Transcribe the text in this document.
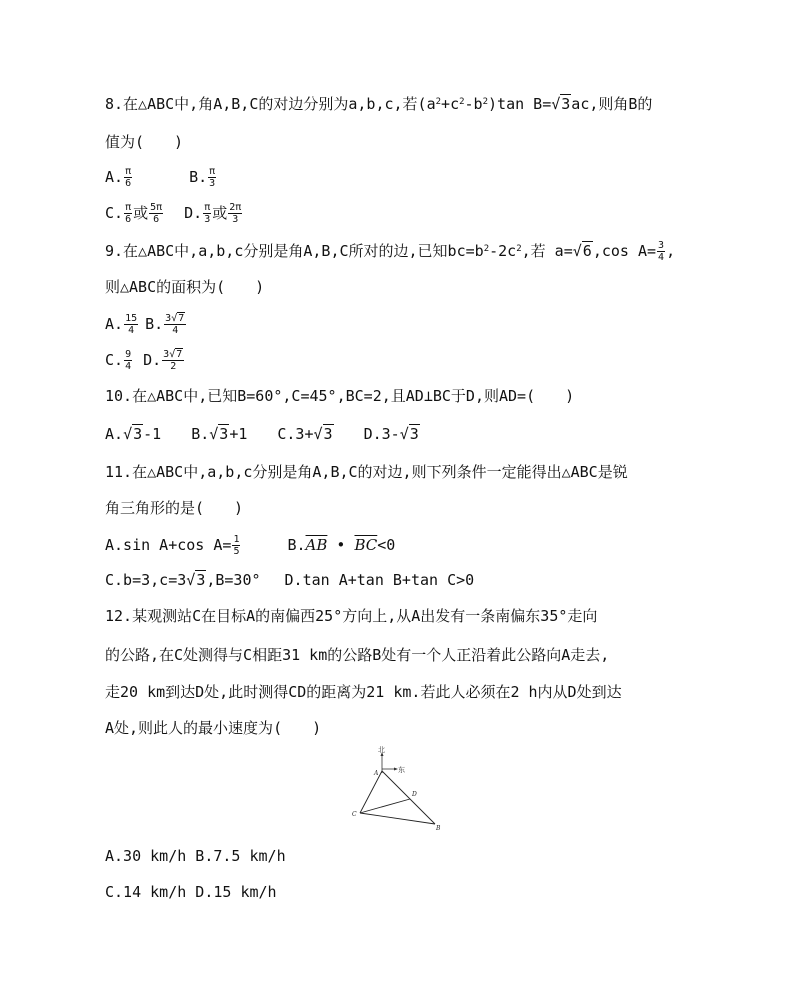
8.在△ABC中,角A,B,C的对边分别为a,b,c,若$(a^2+c^2-b^2)\tan$ B=√3ac,则角B的
值为(　　)
A. $\frac{\pi}{6}$	B. $\frac{\pi}{3}$
C. $\frac{\pi}{6}$ 或 $\frac{5\pi}{6} D$. $\frac{\pi}{3}$ 或 $\frac{2\pi}{3}$
9.在△ABC中,a,b,c分别是角A,B,C所对的边,已知$bc=b^2-2c^2$,若 a=√6,cos $A= \frac{3}{4}$ ,
则△ABC的面积为(　　)
A. $\frac{15}{4} B$. $\frac{3√7}{4}$
C. $\frac{9}{4} D$. $\frac{3√7}{2}$
10.在△ABC中,已知B=60°,C=45°,BC=2,且AD⊥BC于D,则AD=(　　)
A.√3-1 B.√3+1 C.3+√3 D.3-√3
11.在△ABC中,a,b,c分别是角A,B,C的对边,则下列条件一定能得出△ABC是锐
角三角形的是(　　)
A.sin A+cos $A= \frac{1}{5}$	$B.\overline{AB}$ • $\overline{BC}<0$
C.b=3,c=3√3,B=30° D.tan A+tan B+tan C>0
12.某观测站C在目标A的南偏西25°方向上,从A出发有一条南偏东35°走向
的公路,在C处测得与C相距31 km的公路B处有一个人正沿着此公路向A走去,
走20 km到达D处,此时测得CD的距离为21 km.若此人必须在2 h内从D处到达
A处,则此人的最小速度为(　　)
北
东
A
C
D
B
A.30 km/h B.7.5 km/h
C.14 km/h D.15 km/h
